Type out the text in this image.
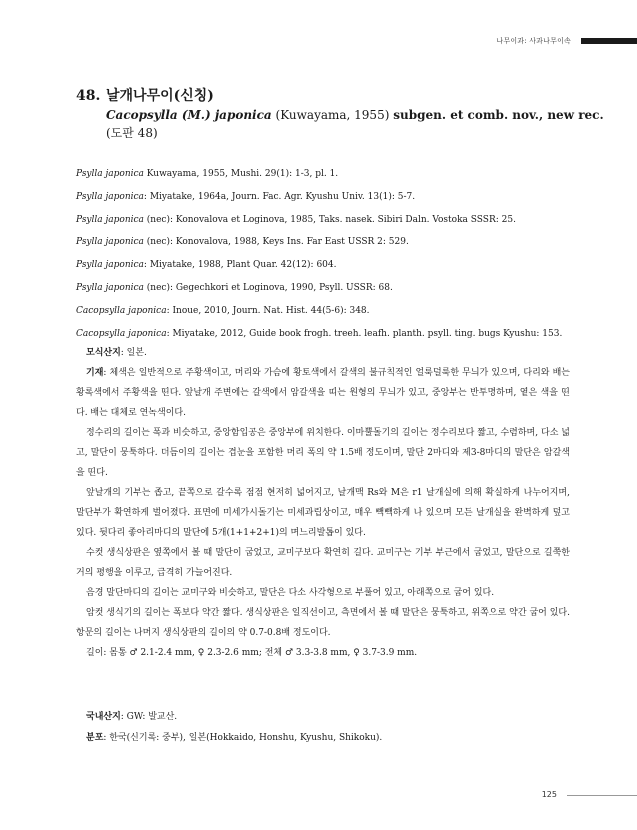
나무이과: 사과나무이속
48. 날개나무이(신칭)
Cacopsylla (M.) japonica (Kuwayama, 1955) subgen. et comb. nov., new rec.
(도판 48)
Psylla japonica Kuwayama, 1955, Mushi. 29(1): 1-3, pl. 1.
Psylla japonica: Miyatake, 1964a, Journ. Fac. Agr. Kyushu Univ. 13(1): 5-7.
Psylla japonica (nec): Konovalova et Loginova, 1985, Taks. nasek. Sibiri Daln. Vostoka SSSR: 25.
Psylla japonica (nec): Konovalova, 1988, Keys Ins. Far East USSR 2: 529.
Psylla japonica: Miyatake, 1988, Plant Quar. 42(12): 604.
Psylla japonica (nec): Gegechkori et Loginova, 1990, Psyll. USSR: 68.
Cacopsylla japonica: Inoue, 2010, Journ. Nat. Hist. 44(5-6): 348.
Cacopsylla japonica: Miyatake, 2012, Guide book frogh. treeh. leafh. planth. psyll. ting. bugs Kyushu: 153.

모식산지: 일본.

기재: 체색은 일반적으로 주황색이고, 머리와 가슴에 황토색에서 갈색의 불규칙적인 얼룩덜룩한 무늬가 있으며, 다리와 배는 황록색에서 주황색을 띤다. 앞날개 주변에는 갈색에서 암갈색을 띠는 원형의 무늬가 있고, 중앙부는 반투명하며, 옅은 색을 띤다. 배는 대체로 연녹색이다.

정수리의 길이는 폭과 비슷하고, 중앙함입공은 중앙부에 위치한다. 이마뿔돌기의 길이는 정수리보다 짧고, 수렴하며, 다소 넓고, 말단이 뭉툭하다. 더듬이의 길이는 겹눈을 포함한 머리 폭의 약 1.5배 정도이며, 말단 2마디와 제3-8마디의 말단은 암갈색을 띤다.

앞날개의 기부는 좁고, 끝쪽으로 갈수록 점점 현저히 넓어지고, 날개맥 Rs와 M은 r1 날개실에 의해 확실하게 나누어지며, 말단부가 확연하게 벌어졌다. 표면에 미세가시돌기는 미세과립상이고, 매우 빽빽하게 나 있으며 모든 날개실을 완벽하게 덮고 있다. 뒷다리 좋아리마디의 말단에 5개(1+1+2+1)의 며느리발톱이 있다.

수컷 생식상판은 옆쪽에서 볼 때 말단이 굽었고, 교미구보다 확연히 길다. 교미구는 기부 부근에서 굽었고, 말단으로 길쭉한 거의 평행을 이루고, 급격히 가늘어진다.

음경 말단마디의 길이는 교미구와 비슷하고, 말단은 다소 사각형으로 부풀어 있고, 아래쪽으로 굽어 있다.

암컷 생식기의 길이는 폭보다 약간 짧다. 생식상판은 일직선이고, 측면에서 볼 때 말단은 뭉툭하고, 위쪽으로 약간 굽어 있다. 항문의 길이는 나머지 생식상판의 길이의 약 0.7-0.8배 정도이다.

길이: 몸통 ♂ 2.1-2.4 mm, ♀ 2.3-2.6 mm; 전체 ♂ 3.3-3.8 mm, ♀ 3.7-3.9 mm.

국내산지: GW: 발교산.
분포: 한국(신기록: 중부), 일본(Hokkaido, Honshu, Kyushu, Shikoku).
125
